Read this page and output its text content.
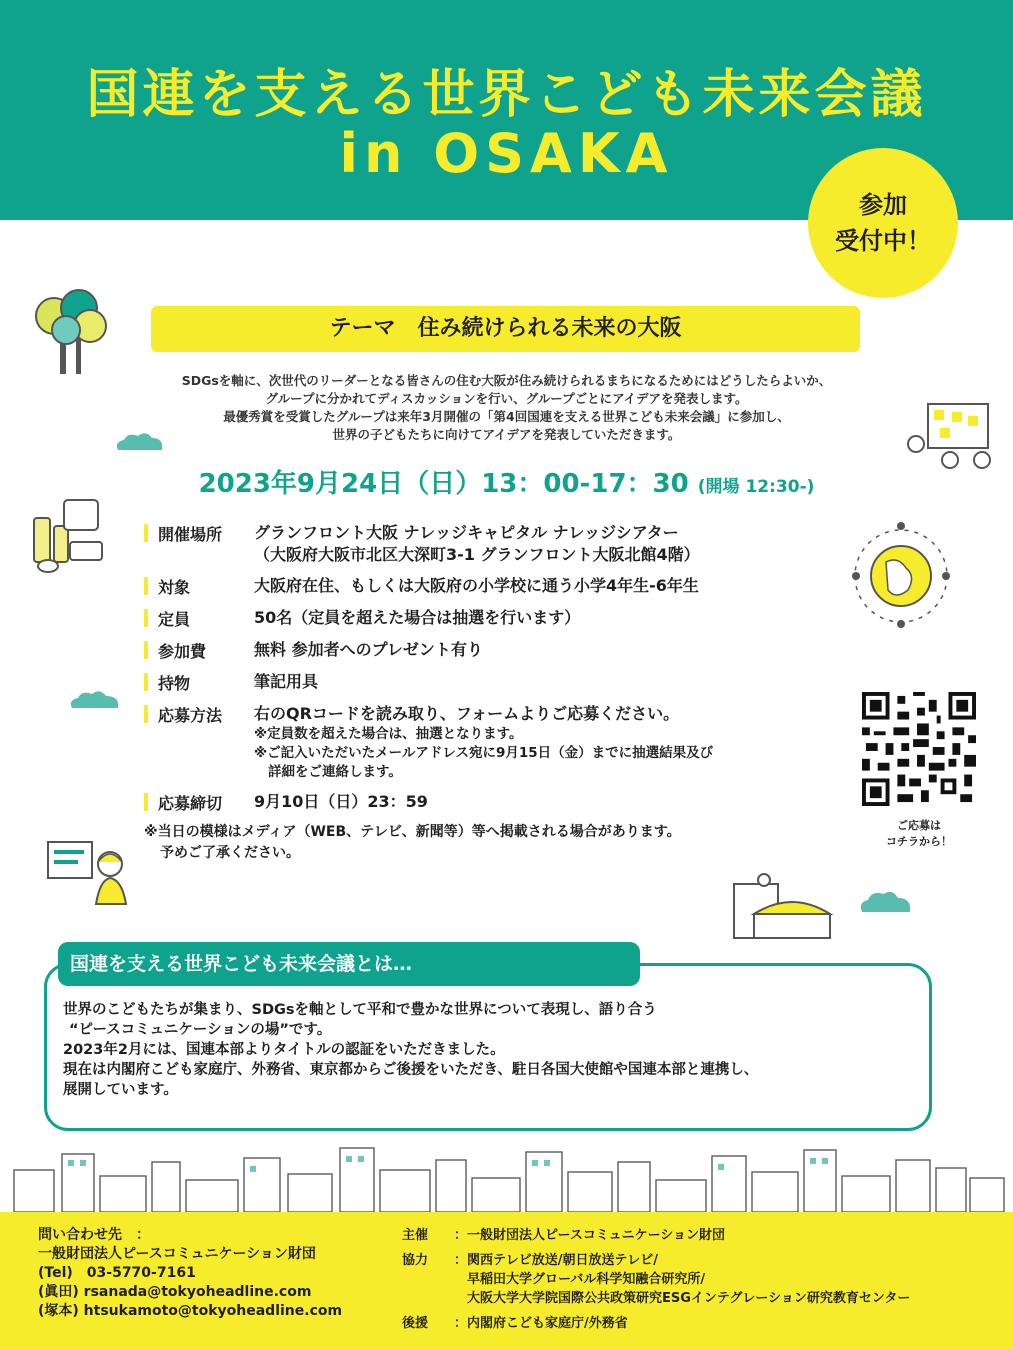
国連を支える世界こども未来会議
in OSAKA
参加
受付中！
テーマ　住み続けられる未来の大阪
SDGsを軸に、次世代のリーダーとなる皆さんの住む大阪が住み続けられるまちになるためにはどうしたらよいか、
グループに分かれてディスカッションを行い、グループごとにアイデアを発表します。
最優秀賞を受賞したグループは来年3月開催の「第4回国連を支える世界こども未来会議」に参加し、
世界の子どもたちに向けてアイデアを発表していただきます。
2023年9月24日（日）13：00-17：30 (開場 12:30-)
開催場所	グランフロント大阪 ナレッジキャピタル ナレッジシアター
（大阪府大阪市北区大深町3-1 グランフロント大阪北館4階）
対象	大阪府在住、もしくは大阪府の小学校に通う小学4年生-6年生
定員	50名（定員を超えた場合は抽選を行います）
参加費	無料 参加者へのプレゼント有り
持物	筆記用具
応募方法	右のQRコードを読み取り、フォームよりご応募ください。
※定員数を超えた場合は、抽選となります。
※ご記入いただいたメールアドレス宛に9月15日（金）までに抽選結果及び
詳細をご連絡します。
応募締切	9月10日（日）23：59
※当日の模様はメディア（WEB、テレビ、新聞等）等へ掲載される場合があります。
予めご了承ください。
ご応募は
コチラから！
国連を支える世界こども未来会議とは…
世界のこどもたちが集まり、SDGsを軸として平和で豊かな世界について表現し、語り合う
“ピースコミュニケーションの場”です。
2023年2月には、国連本部よりタイトルの認証をいただきました。
現在は内閣府こども家庭庁、外務省、東京都からご後援をいただき、駐日各国大使館や国連本部と連携し、
展開しています。
問い合わせ先　：
一般財団法人ピースコミュニケーション財団
(Tel)　03-5770-7161
(眞田) rsanada@tokyoheadline.com
(塚本) htsukamoto@tokyoheadline.com
主催	：一般財団法人ピースコミュニケーション財団
協力	：関西テレビ放送/朝日放送テレビ/
　早稲田大学グローバル科学知融合研究所/
　大阪大学大学院国際公共政策研究ESGインテグレーション研究教育センター
後援	：内閣府こども家庭庁/外務省
